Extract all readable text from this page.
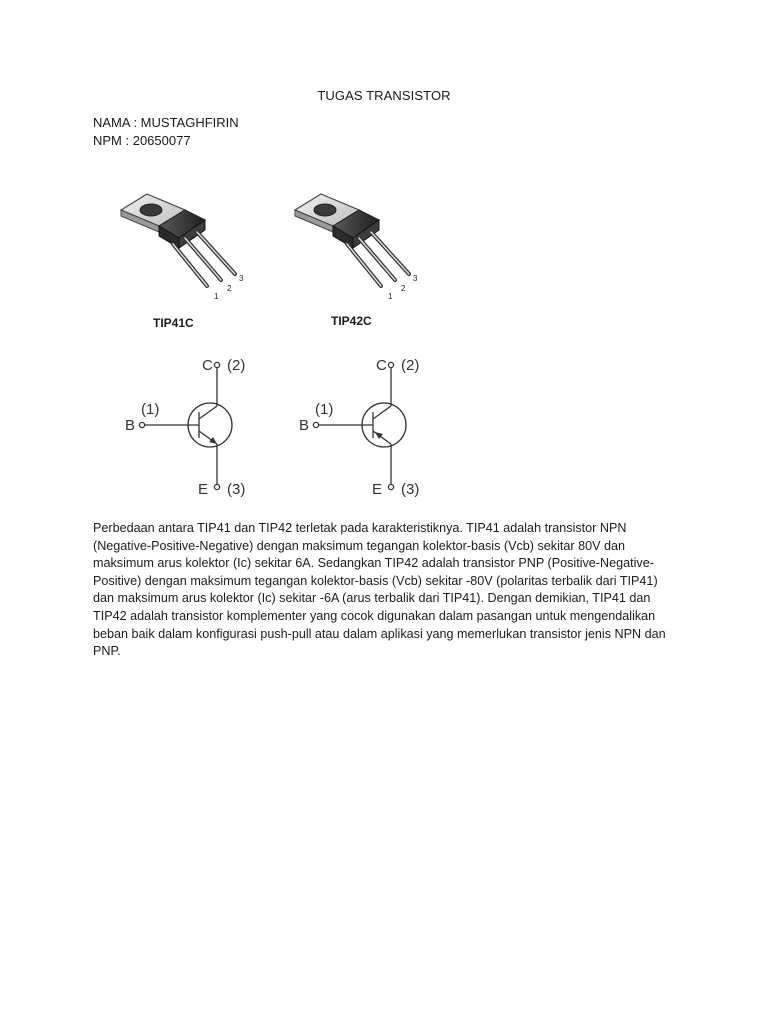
TUGAS TRANSISTOR
NAMA : MUSTAGHFIRIN
NPM : 20650077
1
2
3
TIP41C
1
2
3
TIP42C
C (2)
(1)
B
E (3)
C (2)
(1)
B
E (3)
Perbedaan antara TIP41 dan TIP42 terletak pada karakteristiknya. TIP41 adalah transistor NPN (Negative-Positive-Negative) dengan maksimum tegangan kolektor-basis (Vcb) sekitar 80V dan maksimum arus kolektor (Ic) sekitar 6A. Sedangkan TIP42 adalah transistor PNP (Positive-Negative-Positive) dengan maksimum tegangan kolektor-basis (Vcb) sekitar -80V (polaritas terbalik dari TIP41) dan maksimum arus kolektor (Ic) sekitar -6A (arus terbalik dari TIP41). Dengan demikian, TIP41 dan TIP42 adalah transistor komplementer yang cocok digunakan dalam pasangan untuk mengendalikan beban baik dalam konfigurasi push-pull atau dalam aplikasi yang memerlukan transistor jenis NPN dan PNP.
